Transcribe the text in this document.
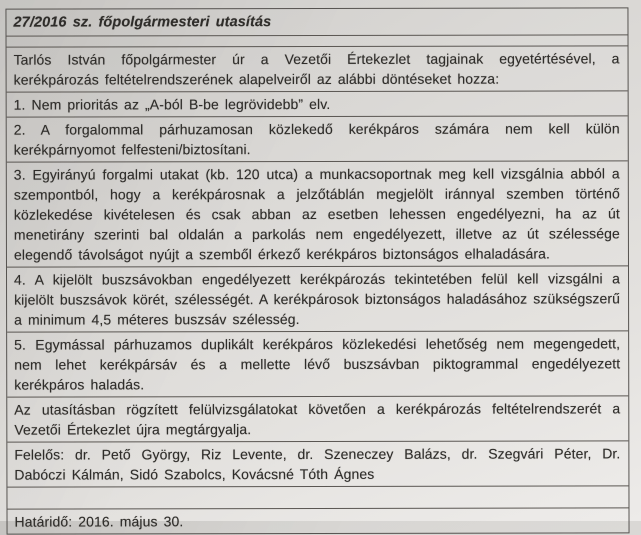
27/2016 sz. főpolgármesteri utasítás
Tarlós István főpolgármester úr a Vezetői Értekezlet tagjainak egyetértésével, a kerékpározás feltételrendszerének alapelveiről az alábbi döntéseket hozza:
1. Nem prioritás az „A-ból B-be legrövidebb” elv.
2. A forgalommal párhuzamosan közlekedő kerékpáros számára nem kell külön kerékpárnyomot felfesteni/biztosítani.
3. Egyirányú forgalmi utakat (kb. 120 utca) a munkacsoportnak meg kell vizsgálnia abból a szempontból, hogy a kerékpárosnak a jelzőtáblán megjelölt iránnyal szemben történő közlekedése kivételesen és csak abban az esetben lehessen engedélyezni, ha az út menetirány szerinti bal oldalán a parkolás nem engedélyezett, illetve az út szélessége elegendő távolságot nyújt a szemből érkező kerékpáros biztonságos elhaladására.
4. A kijelölt buszsávokban engedélyezett kerékpározás tekintetében felül kell vizsgálni a kijelölt buszsávok körét, szélességét. A kerékpárosok biztonságos haladásához szükségszerű a minimum 4,5 méteres buszsáv szélesség.
5. Egymással párhuzamos duplikált kerékpáros közlekedési lehetőség nem megengedett, nem lehet kerékpársáv és a mellette lévő buszsávban piktogrammal engedélyezett kerékpáros haladás.
Az utasításban rögzített felülvizsgálatokat követően a kerékpározás feltételrendszerét a Vezetői Értekezlet újra megtárgyalja.
Felelős: dr. Pető György, Riz Levente, dr. Szeneczey Balázs, dr. Szegvári Péter, Dr. Dabóczi Kálmán, Sidó Szabolcs, Kovácsné Tóth Ágnes
Határidő: 2016. május 30.
